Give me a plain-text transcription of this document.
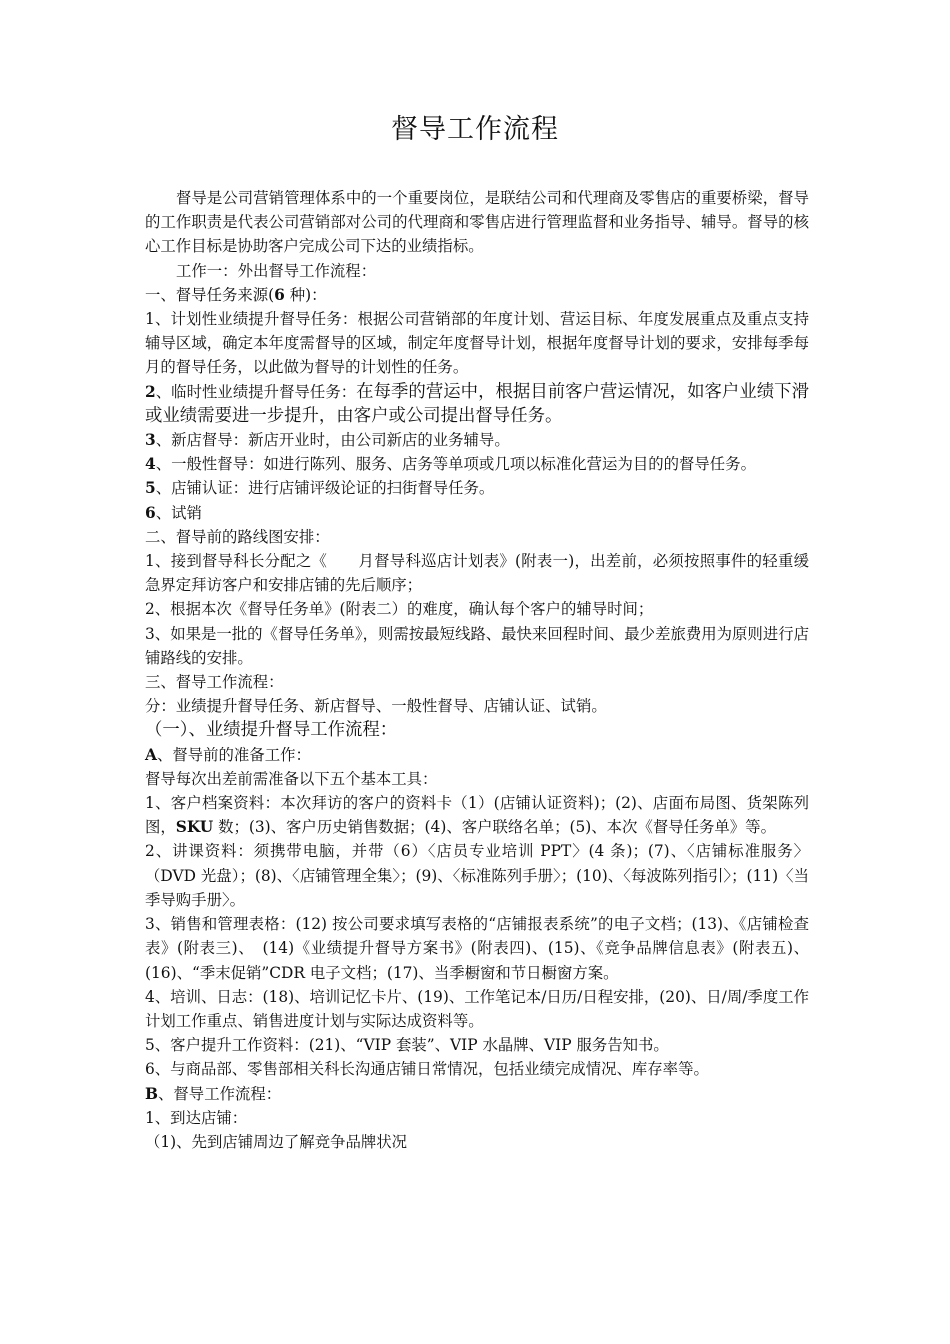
督导工作流程

督导是公司营销管理体系中的一个重要岗位，是联结公司和代理商及零售店的重要桥梁，督导的工作职责是代表公司营销部对公司的代理商和零售店进行管理监督和业务指导、辅导。督导的核心工作目标是协助客户完成公司下达的业绩指标。

工作一：外出督导工作流程：

一、督导任务来源(6 种)：

1、计划性业绩提升督导任务：根据公司营销部的年度计划、营运目标、年度发展重点及重点支持辅导区域，确定本年度需督导的区域，制定年度督导计划，根据年度督导计划的要求，安排每季每月的督导任务，以此做为督导的计划性的任务。

2、临时性业绩提升督导任务：在每季的营运中，根据目前客户营运情况，如客户业绩下滑或业绩需要进一步提升，由客户或公司提出督导任务。

3、新店督导：新店开业时，由公司新店的业务辅导。

4、一般性督导：如进行陈列、服务、店务等单项或几项以标准化营运为目的的督导任务。

5、店铺认证：进行店铺评级论证的扫街督导任务。

6、试销

二、督导前的路线图安排：

1、接到督导科长分配之《　　月督导科巡店计划表》(附表一)，出差前，必须按照事件的轻重缓急界定拜访客户和安排店铺的先后顺序；

2、根据本次《督导任务单》(附表二）的难度，确认每个客户的辅导时间；

3、如果是一批的《督导任务单》，则需按最短线路、最快来回程时间、最少差旅费用为原则进行店铺路线的安排。

三、督导工作流程：

分：业绩提升督导任务、新店督导、一般性督导、店铺认证、试销。

（一）、业绩提升督导工作流程：

A、督导前的准备工作：

督导每次出差前需准备以下五个基本工具：

1、客户档案资料：本次拜访的客户的资料卡（1）(店铺认证资料)；(2)、店面布局图、货架陈列图，SKU 数；(3)、客户历史销售数据；(4)、客户联络名单；(5)、本次《督导任务单》等。

2、讲课资料：须携带电脑，并带（6）〈店员专业培训 PPT〉(4 条)；(7)、〈店铺标准服务〉（DVD 光盘）；(8)、〈店铺管理全集〉；(9)、〈标准陈列手册〉；(10)、〈每波陈列指引〉；(11)〈当季导购手册〉。

3、销售和管理表格：(12) 按公司要求填写表格的“店铺报表系统”的电子文档；(13)、《店铺检查表》(附表三)、　(14)《业绩提升督导方案书》(附表四)、(15)、《竞争品牌信息表》(附表五)、(16)、“季末促销”CDR 电子文档；(17)、当季橱窗和节日橱窗方案。

4、培训、日志：(18)、培训记忆卡片、(19)、工作笔记本/日历/日程安排，(20)、日/周/季度工作计划工作重点、销售进度计划与实际达成资料等。

5、客户提升工作资料：(21)、“VIP 套装”、VIP 水晶牌、VIP 服务告知书。

6、与商品部、零售部相关科长沟通店铺日常情况，包括业绩完成情况、库存率等。

B、督导工作流程：

1、到达店铺：

（1)、先到店铺周边了解竞争品牌状况
